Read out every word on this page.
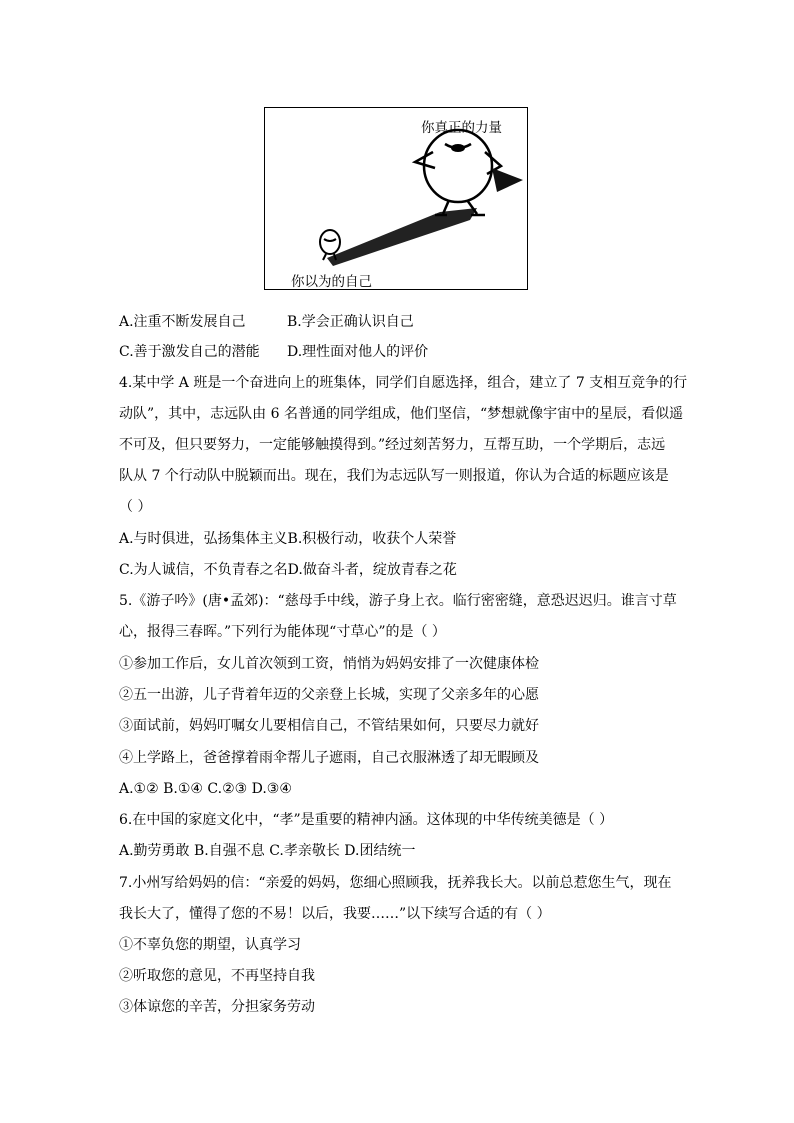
你真正的力量
你以为的自己
A.注重不断发展自己	B.学会正确认识自己
C.善于激发自己的潜能 D.理性面对他人的评价
4.某中学 A 班是一个奋进向上的班集体，同学们自愿选择，组合，建立了 7 支相互竞争的行
动队”，其中，志远队由 6 名普通的同学组成，他们坚信，“梦想就像宇宙中的星辰，看似遥
不可及，但只要努力，一定能够触摸得到。”经过刻苦努力，互帮互助，一个学期后，志远
队从 7 个行动队中脱颖而出。现在，我们为志远队写一则报道，你认为合适的标题应该是
（ ）
A.与时俱进，弘扬集体主义B.积极行动，收获个人荣誉
C.为人诚信，不负青春之名D.做奋斗者，绽放青春之花
5.《游子吟》(唐•孟郊)：“慈母手中线，游子身上衣。临行密密缝，意恐迟迟归。谁言寸草
心，报得三春晖。”下列行为能体现“寸草心”的是（ ）
①参加工作后，女儿首次领到工资，悄悄为妈妈安排了一次健康体检
②五一出游，儿子背着年迈的父亲登上长城，实现了父亲多年的心愿
③面试前，妈妈叮嘱女儿要相信自己，不管结果如何，只要尽力就好
④上学路上，爸爸撑着雨伞帮儿子遮雨，自己衣服淋透了却无暇顾及
A.①② B.①④ C.②③ D.③④
6.在中国的家庭文化中，“孝”是重要的精神内涵。这体现的中华传统美德是（ ）
A.勤劳勇敢 B.自强不息 C.孝亲敬长 D.团结统一
7.小州写给妈妈的信：“亲爱的妈妈，您细心照顾我，抚养我长大。以前总惹您生气，现在
我长大了，懂得了您的不易！以后，我要……”以下续写合适的有（ ）
①不辜负您的期望，认真学习
②听取您的意见，不再坚持自我
③体谅您的辛苦，分担家务劳动
